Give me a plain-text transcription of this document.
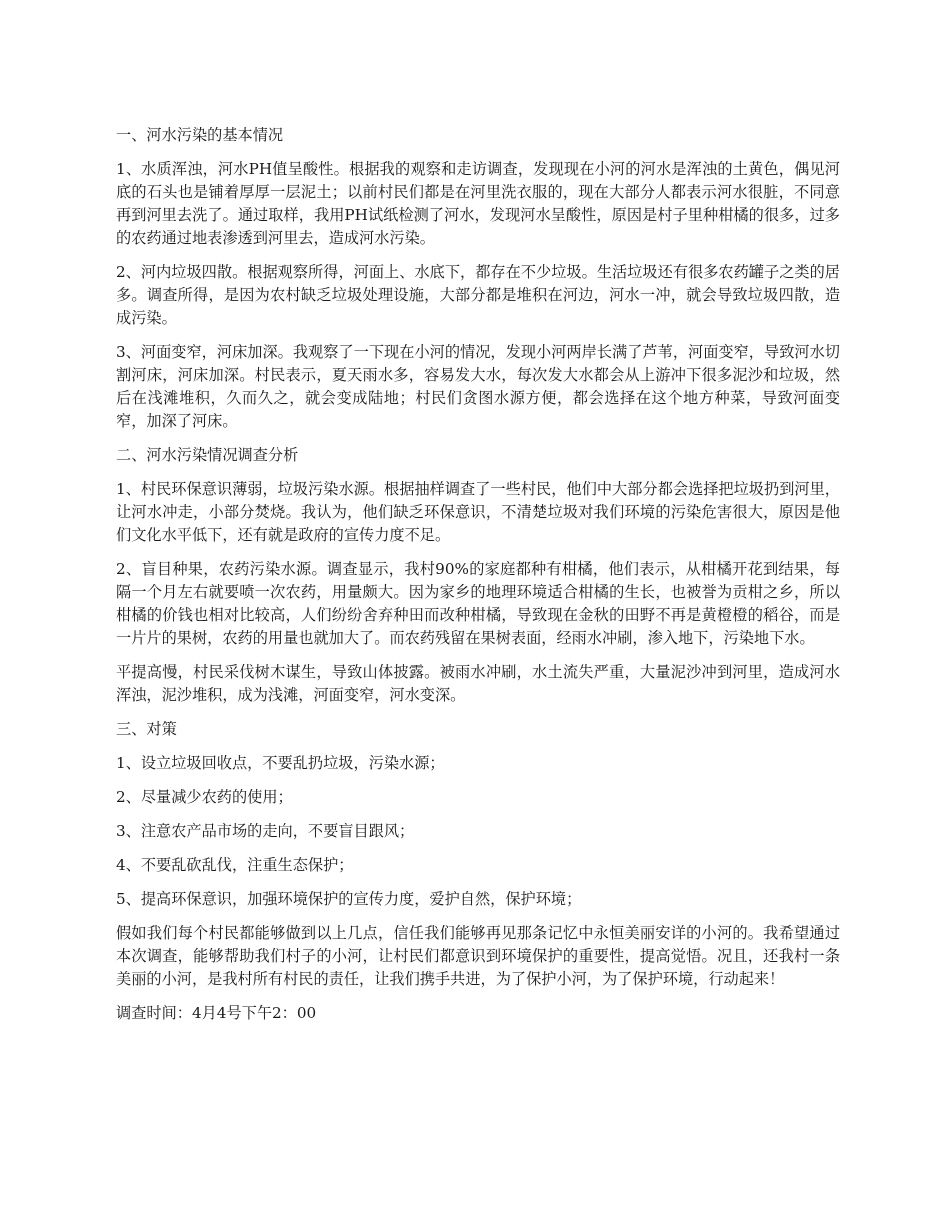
一、河水污染的基本情况

1、水质浑浊，河水PH值呈酸性。根据我的观察和走访调查，发现现在小河的河水是浑浊的土黄色，偶见河底的石头也是铺着厚厚一层泥土；以前村民们都是在河里洗衣服的，现在大部分人都表示河水很脏，不同意再到河里去洗了。通过取样，我用PH试纸检测了河水，发现河水呈酸性，原因是村子里种柑橘的很多，过多的农药通过地表渗透到河里去，造成河水污染。

2、河内垃圾四散。根据观察所得，河面上、水底下，都存在不少垃圾。生活垃圾还有很多农药罐子之类的居多。调查所得，是因为农村缺乏垃圾处理设施，大部分都是堆积在河边，河水一冲，就会导致垃圾四散，造成污染。

3、河面变窄，河床加深。我观察了一下现在小河的情况，发现小河两岸长满了芦苇，河面变窄，导致河水切割河床，河床加深。村民表示，夏天雨水多，容易发大水，每次发大水都会从上游冲下很多泥沙和垃圾，然后在浅滩堆积，久而久之，就会变成陆地；村民们贪图水源方便，都会选择在这个地方种菜，导致河面变窄，加深了河床。

二、河水污染情况调查分析

1、村民环保意识薄弱，垃圾污染水源。根据抽样调查了一些村民，他们中大部分都会选择把垃圾扔到河里，让河水冲走，小部分焚烧。我认为，他们缺乏环保意识，不清楚垃圾对我们环境的污染危害很大，原因是他们文化水平低下，还有就是政府的宣传力度不足。

2、盲目种果，农药污染水源。调查显示，我村90%的家庭都种有柑橘，他们表示，从柑橘开花到结果，每隔一个月左右就要喷一次农药，用量颇大。因为家乡的地理环境适合柑橘的生长，也被誉为贡柑之乡，所以柑橘的价钱也相对比较高，人们纷纷舍弃种田而改种柑橘，导致现在金秋的田野不再是黄橙橙的稻谷，而是一片片的果树，农药的用量也就加大了。而农药残留在果树表面，经雨水冲刷，渗入地下，污染地下水。

平提高慢，村民采伐树木谋生，导致山体披露。被雨水冲刷，水土流失严重，大量泥沙冲到河里，造成河水浑浊，泥沙堆积，成为浅滩，河面变窄，河水变深。

三、对策

1、设立垃圾回收点，不要乱扔垃圾，污染水源；

2、尽量减少农药的使用；

3、注意农产品市场的走向，不要盲目跟风；

4、不要乱砍乱伐，注重生态保护；

5、提高环保意识，加强环境保护的宣传力度，爱护自然，保护环境；

假如我们每个村民都能够做到以上几点，信任我们能够再见那条记忆中永恒美丽安详的小河的。我希望通过本次调查，能够帮助我们村子的小河，让村民们都意识到环境保护的重要性，提高觉悟。况且，还我村一条美丽的小河，是我村所有村民的责任，让我们携手共进，为了保护小河，为了保护环境，行动起来！

调查时间：4月4号下午2：00
